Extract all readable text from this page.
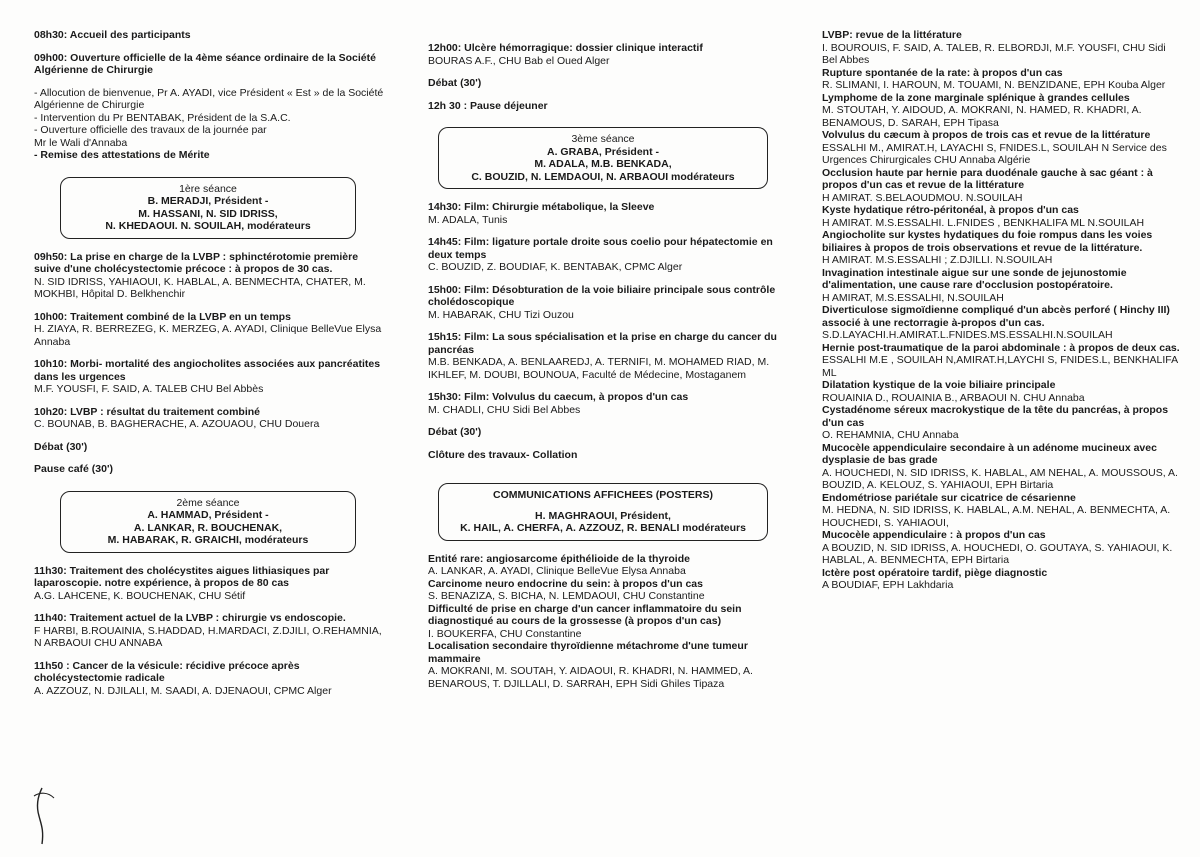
08h30: Accueil des participants
09h00: Ouverture officielle de la 4ème séance ordinaire de la Société Algérienne de Chirurgie
- Allocution de bienvenue, Pr A. AYADI, vice Président « Est » de la Société Algérienne de Chirurgie
- Intervention du Pr BENTABAK, Président de la S.A.C.
- Ouverture officielle des travaux de la journée par
Mr le Wali d'Annaba
- Remise des attestations de Mérite
1ère séance
B. MERADJI, Président -
M. HASSANI, N. SID IDRISS,
N. KHEDAOUI. N. SOUILAH, modérateurs
09h50: La prise en charge de la LVBP : sphinctérotomie première suive d'une cholécystectomie précoce : à propos de 30 cas.
N. SID IDRISS, YAHIAOUI, K. HABLAL, A. BENMECHTA, CHATER, M. MOKHBI, Hôpital D. Belkhenchir
10h00: Traitement combiné de la LVBP en un temps
H. ZIAYA, R. BERREZEG, K. MERZEG, A. AYADI, Clinique BelleVue Elysa Annaba
10h10: Morbi- mortalité des angiocholites associées aux pancréatites dans les urgences
M.F. YOUSFI, F. SAID, A. TALEB CHU Bel Abbès
10h20: LVBP : résultat du traitement combiné
C. BOUNAB, B. BAGHERACHE, A. AZOUAOU, CHU Douera
Débat (30')
Pause café (30')
2ème séance
A. HAMMAD, Président -
A. LANKAR, R. BOUCHENAK,
M. HABARAK, R. GRAICHI, modérateurs
11h30: Traitement des cholécystites aigues lithiasiques par laparoscopie. notre expérience, à propos de 80 cas
A.G. LAHCENE, K. BOUCHENAK, CHU Sétif
11h40: Traitement actuel de la LVBP : chirurgie vs endoscopie.
F HARBI, B.ROUAINIA, S.HADDAD, H.MARDACI, Z.DJILI, O.REHAMNIA, N ARBAOUI CHU ANNABA
11h50 : Cancer de la vésicule: récidive précoce après cholécystectomie radicale
A. AZZOUZ, N. DJILALI, M. SAADI, A. DJENAOUI, CPMC Alger
12h00: Ulcère hémorragique: dossier clinique interactif
BOURAS A.F., CHU Bab el Oued Alger
Débat (30')
12h 30 : Pause déjeuner
3ème séance
A. GRABA, Président -
M. ADALA, M.B. BENKADA,
C. BOUZID, N. LEMDAOUI, N. ARBAOUI modérateurs
14h30: Film: Chirurgie métabolique, la Sleeve
M. ADALA, Tunis
14h45: Film: ligature portale droite sous coelio pour hépatectomie en deux temps
C. BOUZID, Z. BOUDIAF, K. BENTABAK, CPMC Alger
15h00: Film: Désobturation de la voie biliaire principale sous contrôle cholédoscopique
M. HABARAK, CHU Tizi Ouzou
15h15: Film: La sous spécialisation et la prise en charge du cancer du pancréas
M.B. BENKADA, A. BENLAAREDJ, A. TERNIFI, M. MOHAMED RIAD, M. IKHLEF, M. DOUBI, BOUNOUA, Faculté de Médecine, Mostaganem
15h30: Film: Volvulus du caecum, à propos d'un cas
M. CHADLI, CHU Sidi Bel Abbes
Débat (30')
Clôture des travaux- Collation
COMMUNICATIONS AFFICHEES (POSTERS)
H. MAGHRAOUI, Président,
K. HAIL, A. CHERFA, A. AZZOUZ, R. BENALI modérateurs
Entité rare: angiosarcome épithélioide de la thyroide
A. LANKAR, A. AYADI, Clinique BelleVue Elysa Annaba
Carcinome neuro endocrine du sein: à propos d'un cas
S. BENAZIZA, S. BICHA, N. LEMDAOUI, CHU Constantine
Difficulté de prise en charge d'un cancer inflammatoire du sein diagnostiqué au cours de la grossesse (à propos d'un cas)
I. BOUKERFA, CHU Constantine
Localisation secondaire thyroïdienne métachrome d'une tumeur mammaire
A. MOKRANI, M. SOUTAH, Y. AIDAOUI, R. KHADRI, N. HAMMED, A. BENAROUS, T. DJILLALI, D. SARRAH, EPH Sidi Ghiles Tipaza
LVBP: revue de la littérature
I. BOUROUIS, F. SAID, A. TALEB, R. ELBORDJI, M.F. YOUSFI, CHU Sidi Bel Abbes
Rupture spontanée de la rate: à propos d'un cas
R. SLIMANI, I. HAROUN, M. TOUAMI, N. BENZIDANE, EPH Kouba Alger
Lymphome de la zone marginale splénique à grandes cellules
M. STOUTAH, Y. AIDOUD, A. MOKRANI, N. HAMED, R. KHADRI, A. BENAMOUS, D. SARAH, EPH Tipasa
Volvulus du cæcum à propos de trois cas et revue de la littérature
ESSALHI M., AMIRAT.H, LAYACHI S, FNIDES.L, SOUILAH N Service des Urgences Chirurgicales CHU Annaba Algérie
Occlusion haute par hernie para duodénale gauche à sac géant : à propos d'un cas et revue de la littérature
H AMIRAT. S.BELAOUDMOU. N.SOUILAH
Kyste hydatique rétro-péritonéal, à propos d'un cas
H AMIRAT. M.S.ESSALHI. L.FNIDES , BENKHALIFA ML N.SOUILAH
Angiocholite sur kystes hydatiques du foie rompus dans les voies biliaires à propos de trois observations et revue de la littérature.
H AMIRAT. M.S.ESSALHI ; Z.DJILLI. N.SOUILAH
Invagination intestinale aigue sur une sonde de jejunostomie d'alimentation, une cause rare d'occlusion postopératoire.
H AMIRAT, M.S.ESSALHI, N.SOUILAH
Diverticulose sigmoïdienne compliqué d'un abcès perforé ( Hinchy III) associé à une rectorragie à-propos d'un cas.
S.D.LAYACHI.H.AMIRAT.L.FNIDES.MS.ESSALHI.N.SOUILAH
Hernie post-traumatique de la paroi abdominale : à propos de deux cas.
ESSALHI M.E , SOUILAH N,AMIRAT.H,LAYCHI S, FNIDES.L, BENKHALIFA ML
Dilatation kystique de la voie biliaire principale
ROUAINIA D., ROUAINIA B., ARBAOUI N. CHU Annaba
Cystadénome séreux macrokystique de la tête du pancréas, à propos d'un cas
O. REHAMNIA, CHU Annaba
Mucocèle appendiculaire secondaire à un adénome mucineux avec dysplasie de bas grade
A. HOUCHEDI, N. SID IDRISS, K. HABLAL, AM NEHAL, A. MOUSSOUS, A. BOUZID, A. KELOUZ, S. YAHIAOUI, EPH Birtaria
Endométriose pariétale sur cicatrice de césarienne
M. HEDNA, N. SID IDRISS, K. HABLAL, A.M. NEHAL, A. BENMECHTA, A. HOUCHEDI, S. YAHIAOUI,
Mucocèle appendiculaire : à propos d'un cas
A BOUZID, N. SID IDRISS, A. HOUCHEDI, O. GOUTAYA, S. YAHIAOUI, K. HABLAL, A. BENMECHTA, EPH Birtaria
Ictère post opératoire tardif, piège diagnostic
A BOUDIAF, EPH Lakhdaria
